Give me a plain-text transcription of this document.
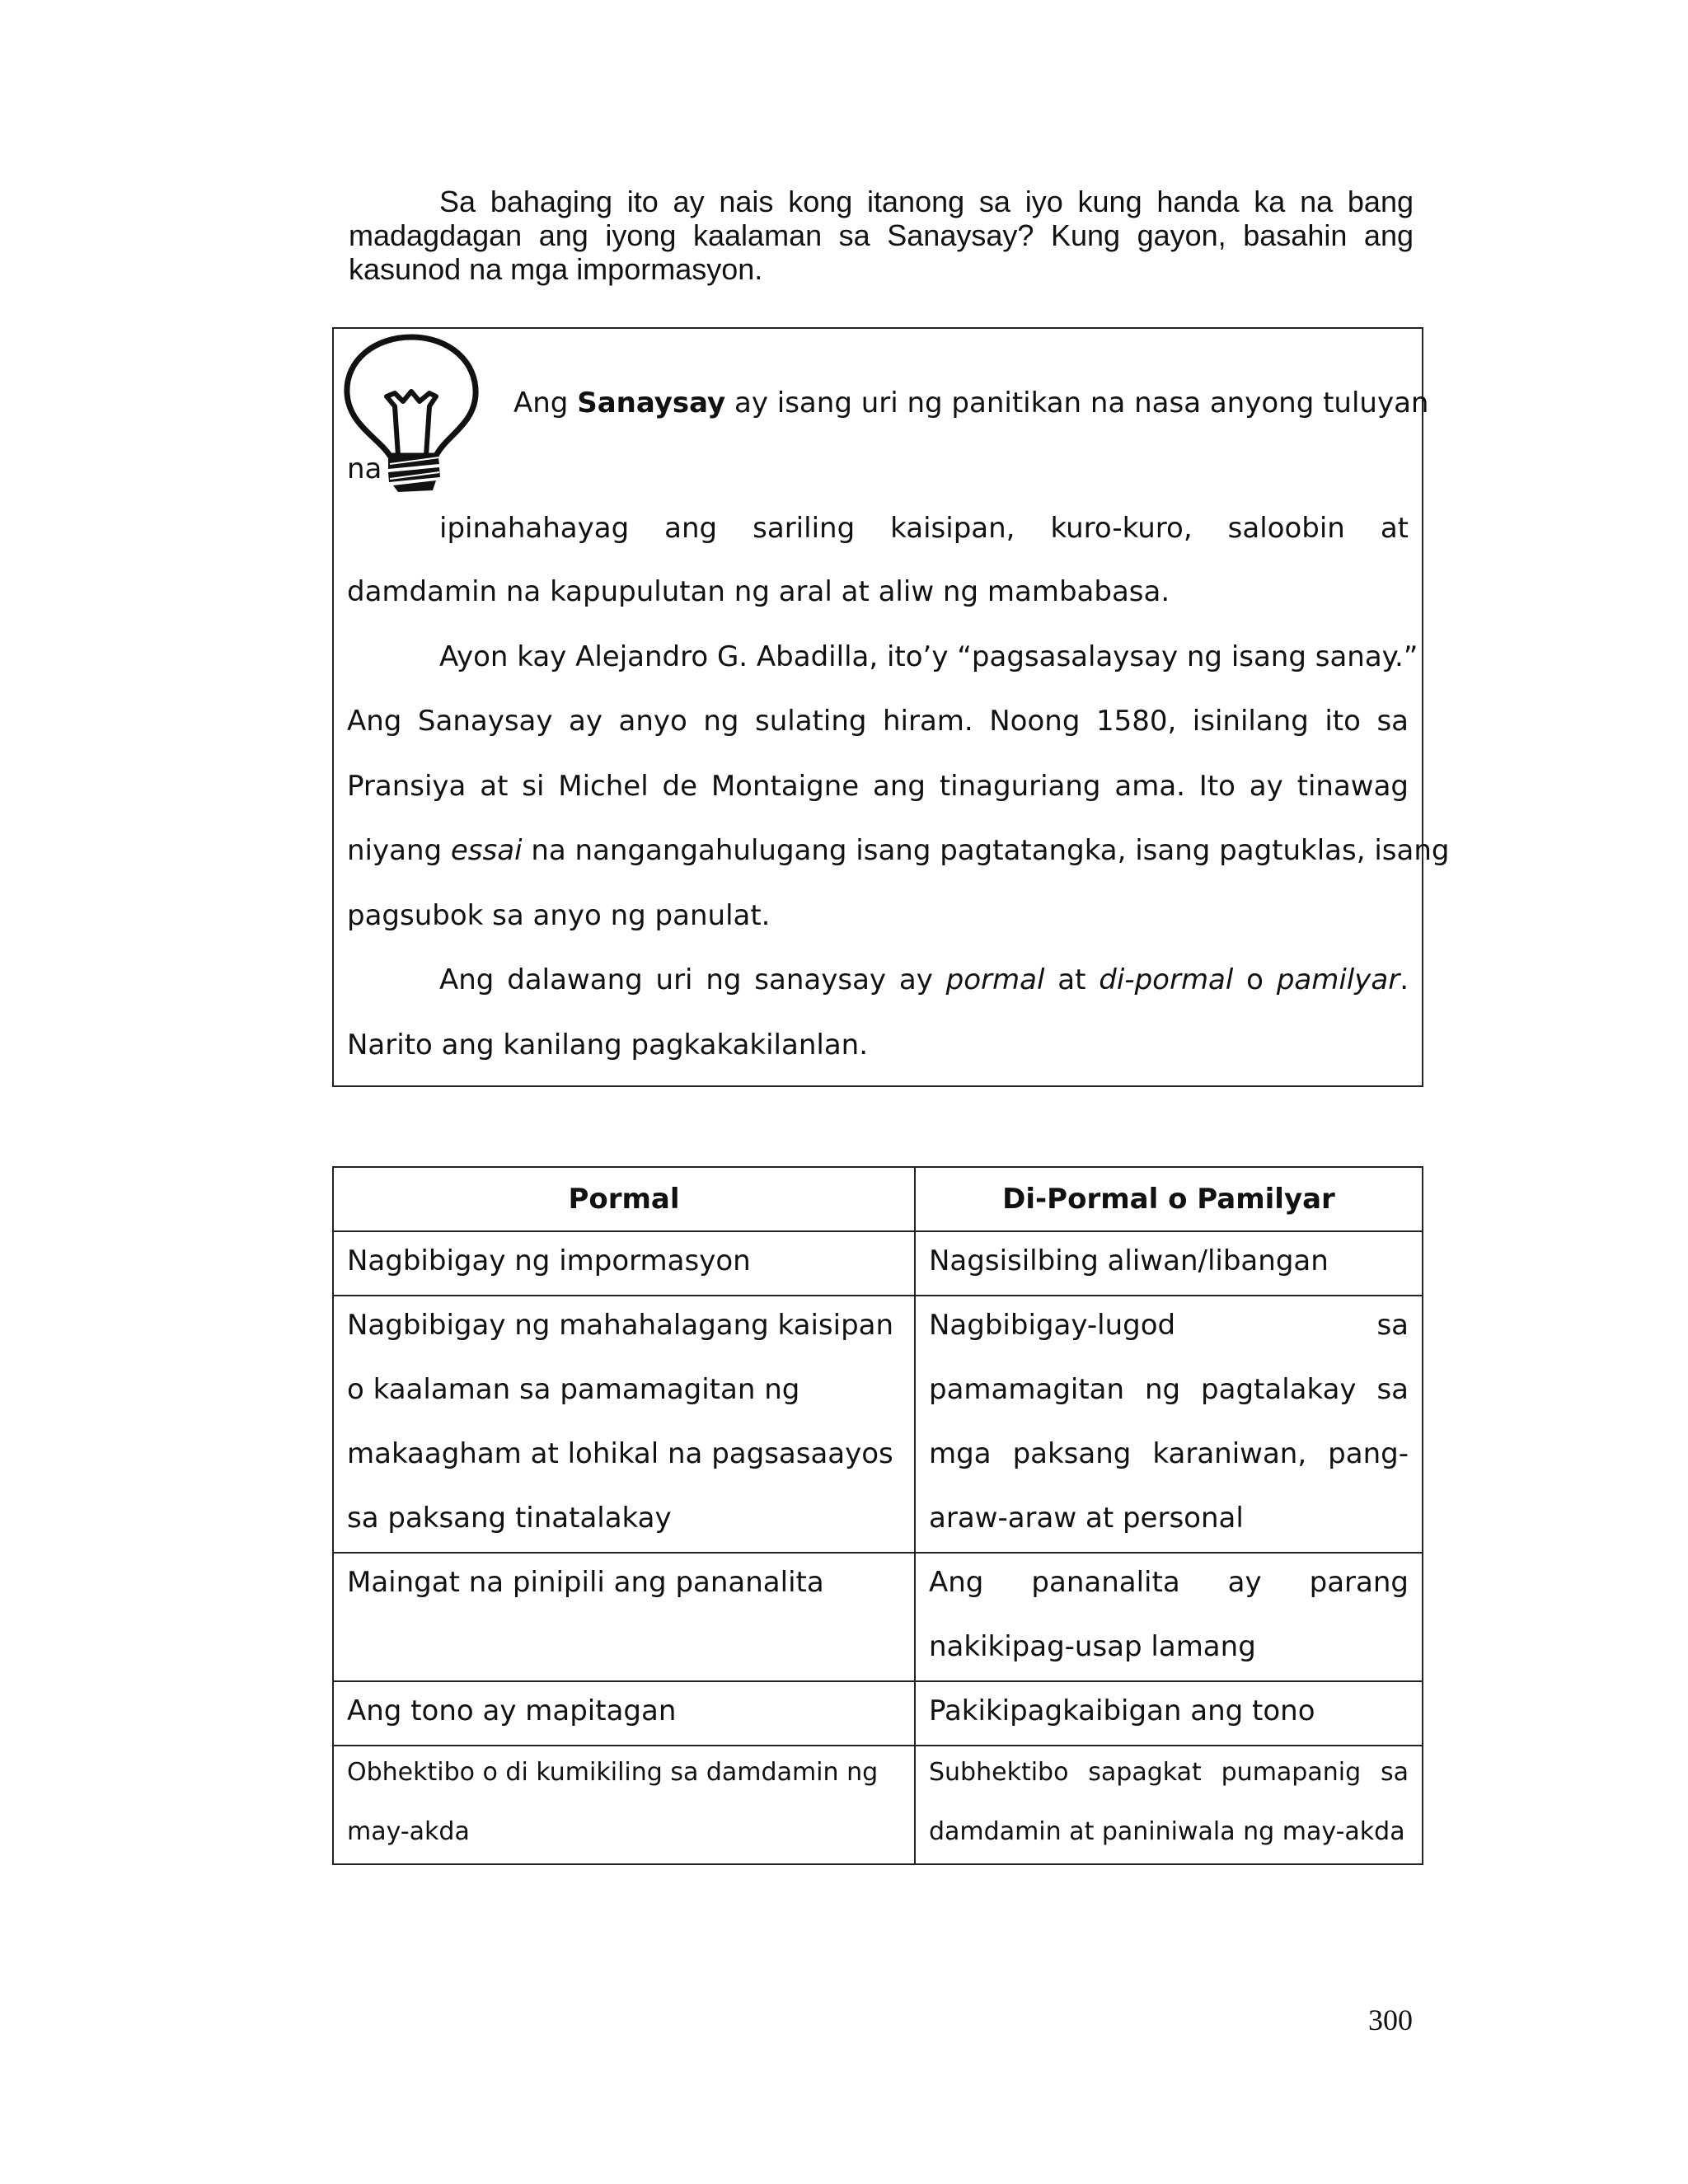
Sa bahaging ito ay nais kong itanong sa iyo kung handa ka na bang madagdagan ang iyong kaalaman sa Sanaysay? Kung gayon, basahin ang kasunod na mga impormasyon.
Ang Sanaysay ay isang uri ng panitikan na nasa anyong tuluyan
na
ipinahahayag ang sariling kaisipan, kuro-kuro, saloobin at
damdamin na kapupulutan ng aral at aliw ng mambabasa.
Ayon kay Alejandro G. Abadilla, ito’y “pagsasalaysay ng isang sanay.”
Ang Sanaysay ay anyo ng sulating hiram. Noong 1580, isinilang ito sa
Pransiya at si Michel de Montaigne ang tinaguriang ama. Ito ay tinawag
niyang essai na nangangahulugang isang pagtatangka, isang pagtuklas, isang
pagsubok sa anyo ng panulat.
Ang dalawang uri ng sanaysay ay pormal at di-pormal o pamilyar.
Narito ang kanilang pagkakakilanlan.
Pormal	Di-Pormal o Pamilyar

Nagbibigay ng impormasyon	Nagsisilbing aliwan/libangan

Nagbibigay ng mahahalagang kaisipan o kaalaman sa pamamagitan ng makaagham at lohikal na pagsasaayos sa paksang tinatalakay	Nagbibigay-lugod sa pamamagitan ng pagtalakay sa mga paksang karaniwan, pang-araw-araw at personal

Maingat na pinipili ang pananalita	Ang pananalita ay parang nakikipag-usap lamang

Ang tono ay mapitagan	Pakikipagkaibigan ang tono

Obhektibo o di kumikiling sa damdamin ng may-akda	Subhektibo sapagkat pumapanig sa damdamin at paniniwala ng may-akda
300
